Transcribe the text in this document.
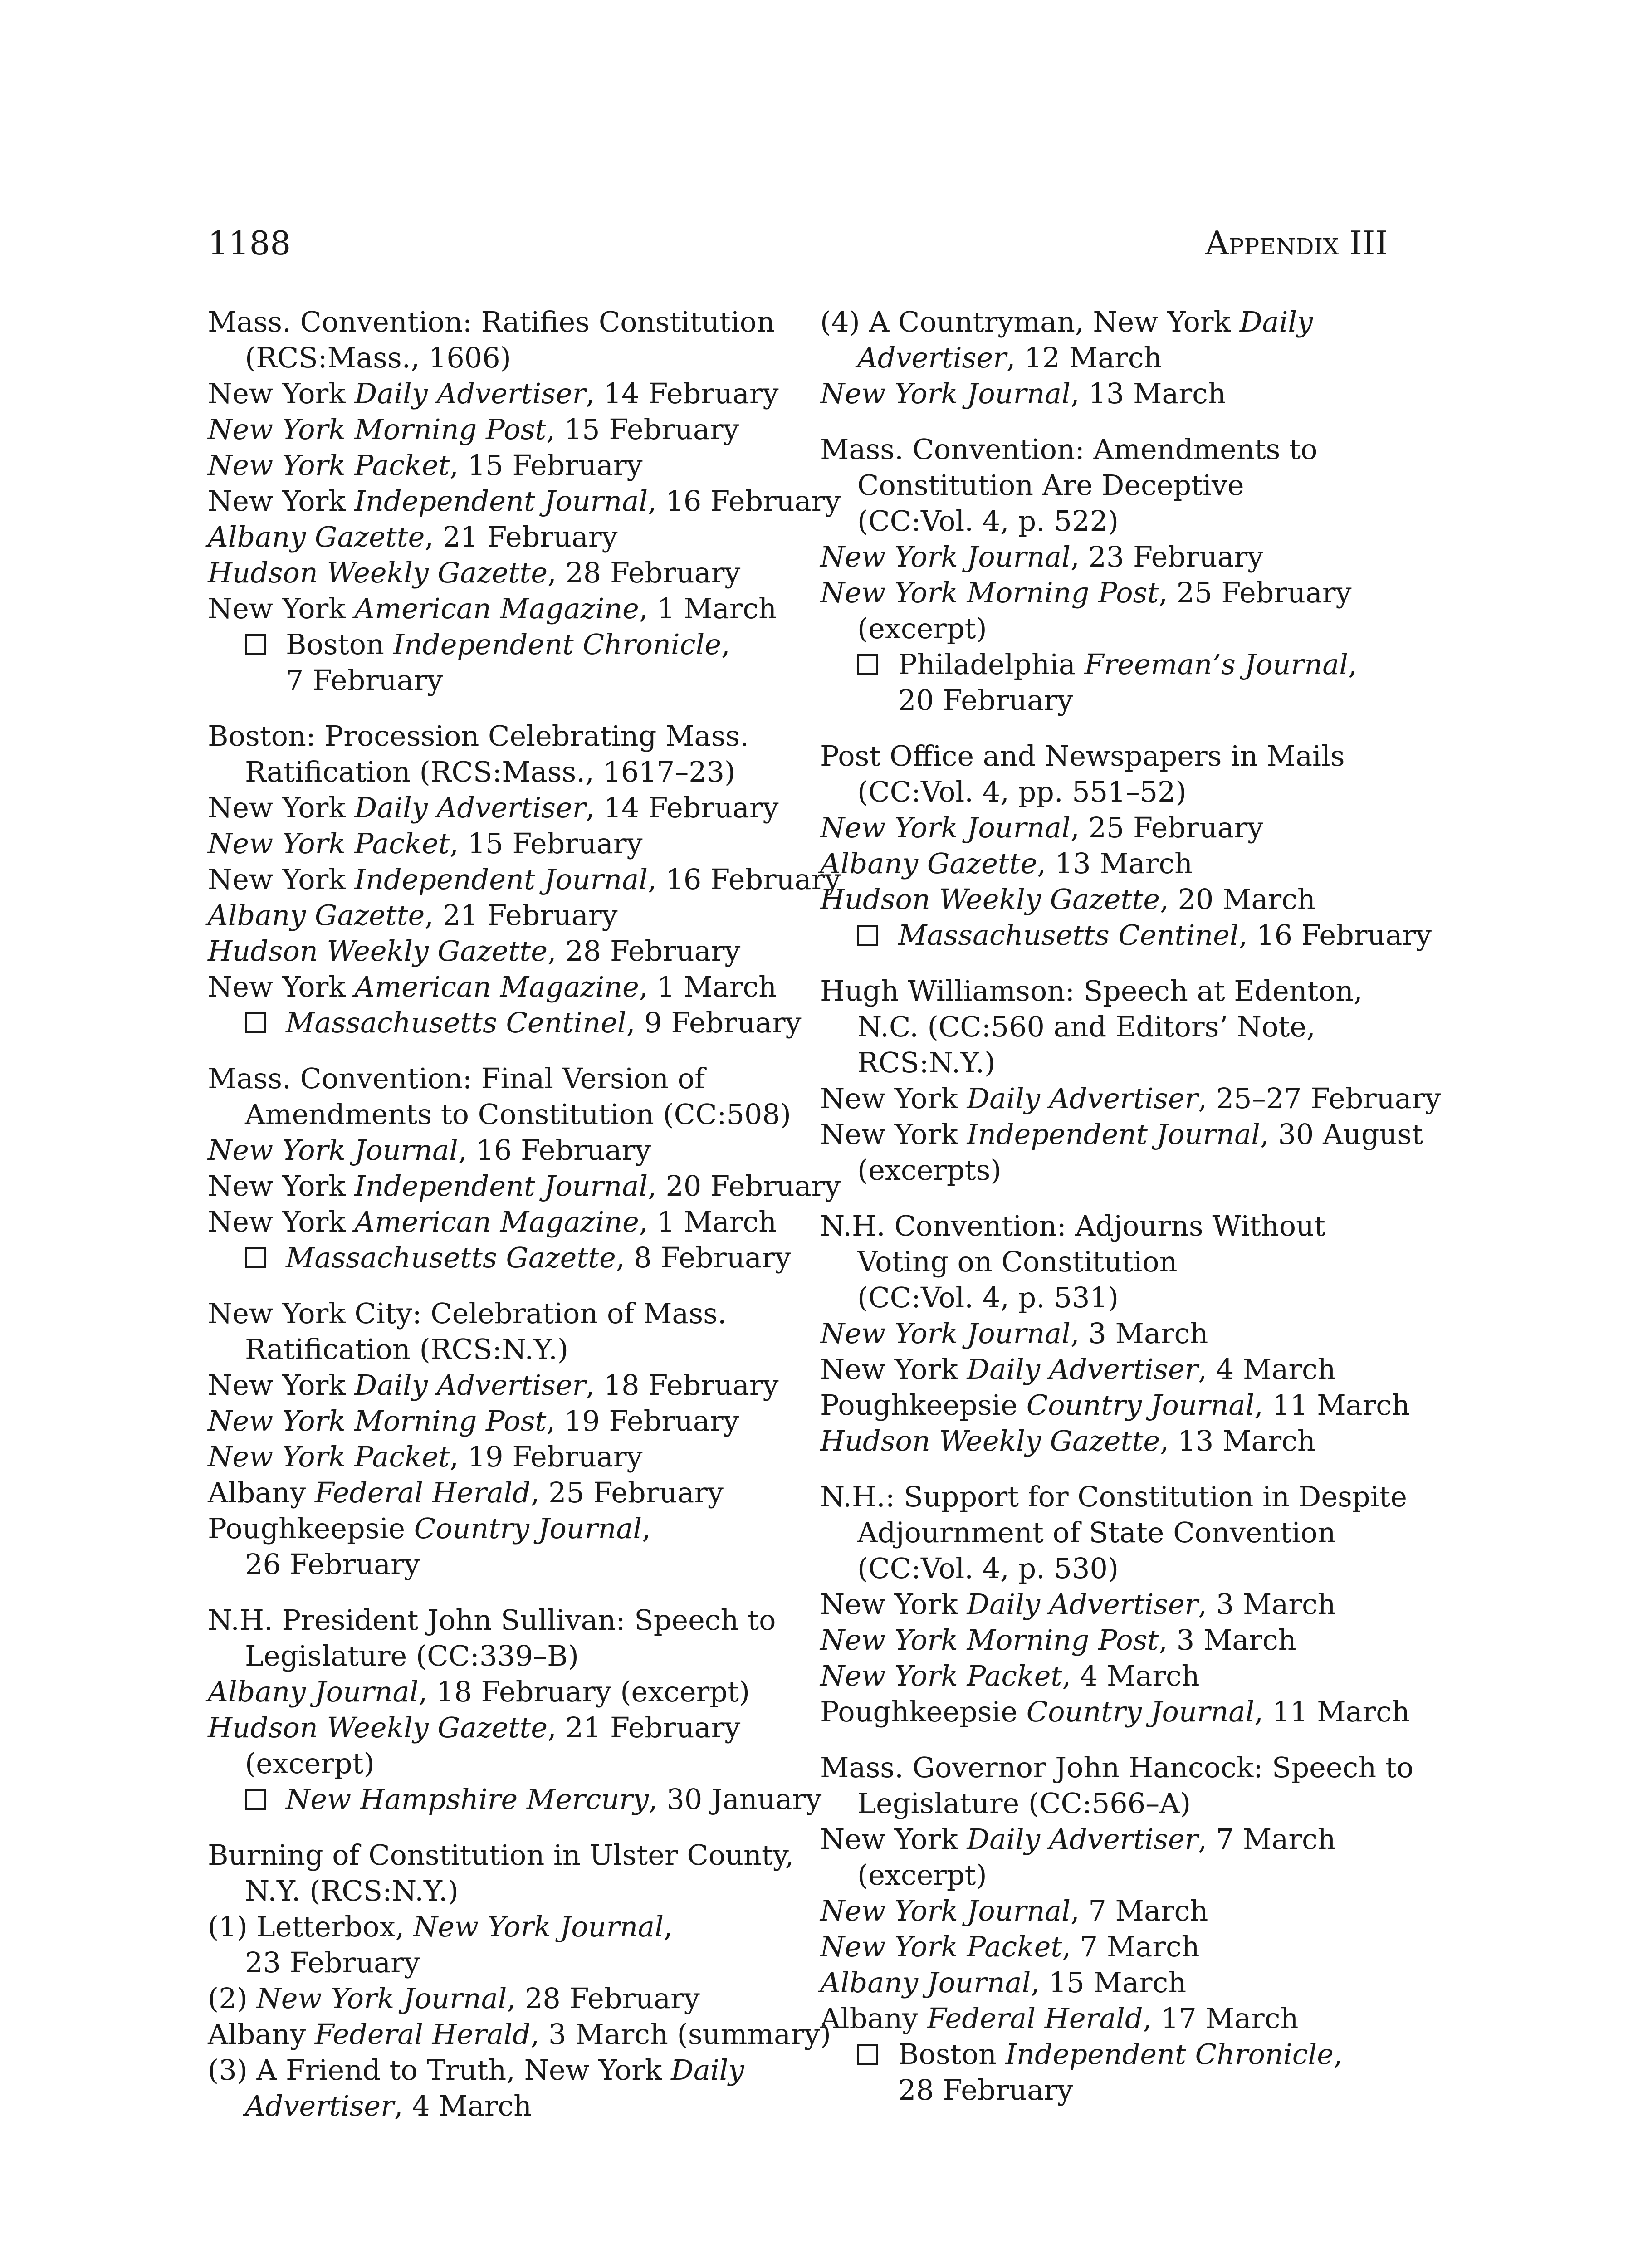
1188	Appendix III
Mass. Convention: Ratifies Constitution
(RCS:Mass., 1606)
New York Daily Advertiser, 14 February
New York Morning Post, 15 February
New York Packet, 15 February
New York Independent Journal, 16 February
Albany Gazette, 21 February
Hudson Weekly Gazette, 28 February
New York American Magazine, 1 March
Boston Independent Chronicle,
7 February
Boston: Procession Celebrating Mass.
Ratification (RCS:Mass., 1617–23)
New York Daily Advertiser, 14 February
New York Packet, 15 February
New York Independent Journal, 16 February
Albany Gazette, 21 February
Hudson Weekly Gazette, 28 February
New York American Magazine, 1 March
Massachusetts Centinel, 9 February
Mass. Convention: Final Version of
Amendments to Constitution (CC:508)
New York Journal, 16 February
New York Independent Journal, 20 February
New York American Magazine, 1 March
Massachusetts Gazette, 8 February
New York City: Celebration of Mass.
Ratification (RCS:N.Y.)
New York Daily Advertiser, 18 February
New York Morning Post, 19 February
New York Packet, 19 February
Albany Federal Herald, 25 February
Poughkeepsie Country Journal,
26 February
N.H. President John Sullivan: Speech to
Legislature (CC:339–B)
Albany Journal, 18 February (excerpt)
Hudson Weekly Gazette, 21 February
(excerpt)
New Hampshire Mercury, 30 January
Burning of Constitution in Ulster County,
N.Y. (RCS:N.Y.)
(1) Letterbox, New York Journal,
23 February
(2) New York Journal, 28 February
Albany Federal Herald, 3 March (summary)
(3) A Friend to Truth, New York Daily
Advertiser, 4 March
(4) A Countryman, New York Daily
Advertiser, 12 March
New York Journal, 13 March
Mass. Convention: Amendments to
Constitution Are Deceptive
(CC:Vol. 4, p. 522)
New York Journal, 23 February
New York Morning Post, 25 February
(excerpt)
Philadelphia Freeman’s Journal,
20 February
Post Office and Newspapers in Mails
(CC:Vol. 4, pp. 551–52)
New York Journal, 25 February
Albany Gazette, 13 March
Hudson Weekly Gazette, 20 March
Massachusetts Centinel, 16 February
Hugh Williamson: Speech at Edenton,
N.C. (CC:560 and Editors’ Note,
RCS:N.Y.)
New York Daily Advertiser, 25–27 February
New York Independent Journal, 30 August
(excerpts)
N.H. Convention: Adjourns Without
Voting on Constitution
(CC:Vol. 4, p. 531)
New York Journal, 3 March
New York Daily Advertiser, 4 March
Poughkeepsie Country Journal, 11 March
Hudson Weekly Gazette, 13 March
N.H.: Support for Constitution in Despite
Adjournment of State Convention
(CC:Vol. 4, p. 530)
New York Daily Advertiser, 3 March
New York Morning Post, 3 March
New York Packet, 4 March
Poughkeepsie Country Journal, 11 March
Mass. Governor John Hancock: Speech to
Legislature (CC:566–A)
New York Daily Advertiser, 7 March
(excerpt)
New York Journal, 7 March
New York Packet, 7 March
Albany Journal, 15 March
Albany Federal Herald, 17 March
Boston Independent Chronicle,
28 February
